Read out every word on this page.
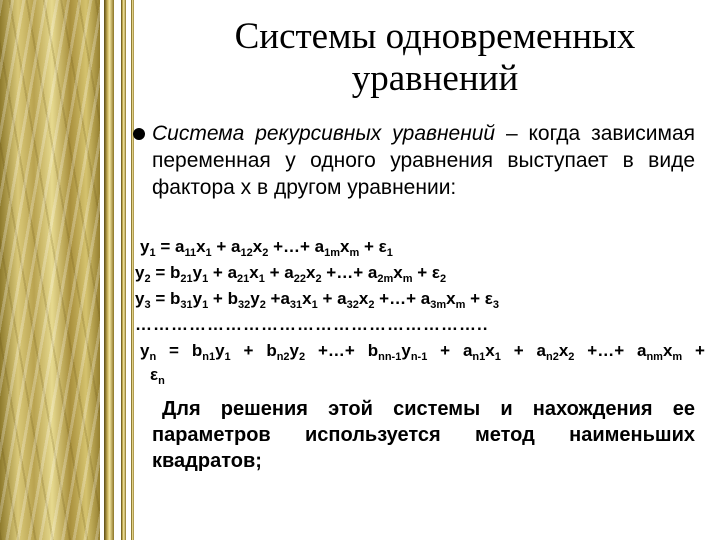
Системы одновременных
уравнений
Система рекурсивных уравнений – когда зависимая переменная у одного уравнения выступает в виде фактора х в другом уравнении:
$y_1 = a_{11}x_1 + a_{12}x_2$ +…+ $a_{1m}x_m + \varepsilon_1$
$y_2 = b_{21}y_1 + a_{21}x_1 + a_{22}x_2$ +…+ $a_{2m}x_m + \varepsilon_2$
$y_3 = b_{31}y_1 + b_{32}y_2 +a_{31}x_1 + a_{32}x_2$ +…+ $a_{3m}x_m + \varepsilon_3$
…………………………………………………..
$y_n = b_{n1}y_1 + b_{n2}y_2$ +…+ $b_{nn-1}y_{n-1} + a_{n1}x_1 + a_{n2}x_2$ +…+ $a_{nm}x_m$ +
$\varepsilon_n$
Для решения этой системы и нахождения ее параметров используется метод наименьших квадратов;
